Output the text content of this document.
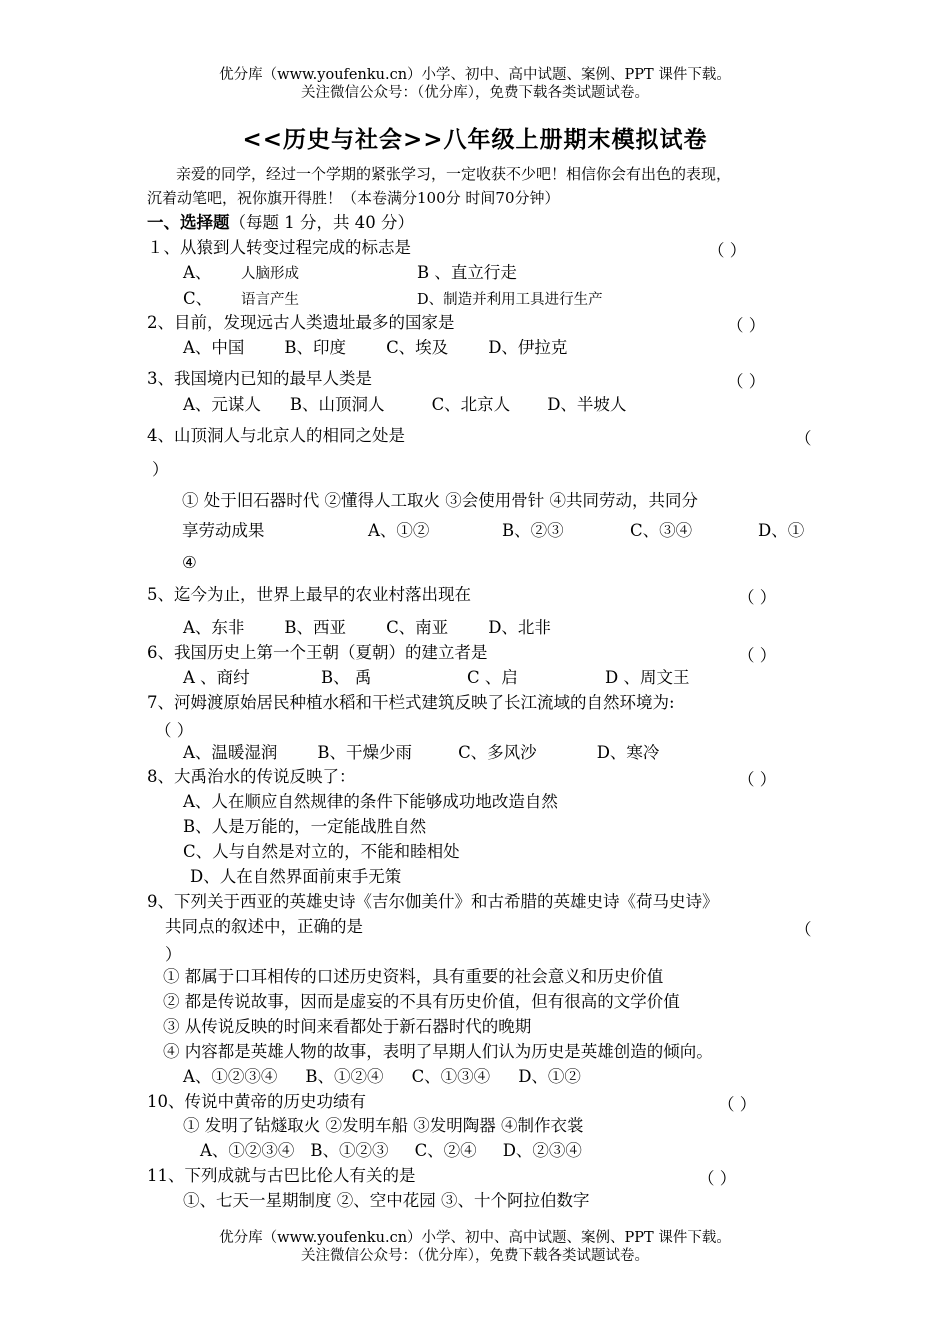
优分库（www.youfenku.cn）小学、初中、高中试题、案例、PPT 课件下载。
关注微信公众号：（优分库），免费下载各类试题试卷。
<<历史与社会>>八年级上册期末模拟试卷
亲爱的同学，经过一个学期的紧张学习，一定收获不少吧！相信你会有出色的表现，
沉着动笔吧，祝你旗开得胜！（本卷满分100分 时间70分钟）
一、选择题（每题 1 分，共 40 分）
１、从猿到人转变过程完成的标志是	（ ）
A、 人脑形成	B 、直立行走
C、 语言产生	D、制造并利用工具进行生产
2、目前，发现远古人类遗址最多的国家是	（ ）
A、中国 B、印度 C、埃及 D、伊拉克
3、我国境内已知的最早人类是	（ ）
A、元谋人 B、山顶洞人	C、北京人 D、半坡人
4、山顶洞人与北京人的相同之处是	（
）
① 处于旧石器时代 ②懂得人工取火 ③会使用骨针 ④共同劳动，共同分
享劳动成果	A、①②	B、②③	C、③④	D、①
④
5、迄今为止，世界上最早的农业村落出现在	（ ）
A、东非 B、西亚 C、南亚 D、北非
6、我国历史上第一个王朝（夏朝）的建立者是	（ ）
A 、商纣	B、 禹	C 、启	D 、周文王
7、河姆渡原始居民种植水稻和干栏式建筑反映了长江流域的自然环境为:
（ ）
A、温暖湿润 B、干燥少雨	C、多风沙	D、寒冷
8、大禹治水的传说反映了：	（ ）
A、人在顺应自然规律的条件下能够成功地改造自然
B、人是万能的，一定能战胜自然
C、人与自然是对立的，不能和睦相处
D、人在自然界面前束手无策
9、下列关于西亚的英雄史诗《吉尔伽美什》和古希腊的英雄史诗《荷马史诗》
共同点的叙述中，正确的是	（
）
① 都属于口耳相传的口述历史资料，具有重要的社会意义和历史价值
② 都是传说故事，因而是虚妄的不具有历史价值，但有很高的文学价值
③ 从传说反映的时间来看都处于新石器时代的晚期
④ 内容都是英雄人物的故事，表明了早期人们认为历史是英雄创造的倾向。
A、①②③④ B、①②④ C、①③④ D、①②
10、传说中黄帝的历史功绩有	（ ）
① 发明了钻燧取火 ②发明车船 ③发明陶器 ④制作衣裳
A、①②③④ B、①②③ C、②④ D、②③④
11、下列成就与古巴比伦人有关的是	（ ）
①、七天一星期制度 ②、空中花园 ③、十个阿拉伯数字
优分库（www.youfenku.cn）小学、初中、高中试题、案例、PPT 课件下载。
关注微信公众号：（优分库），免费下载各类试题试卷。
